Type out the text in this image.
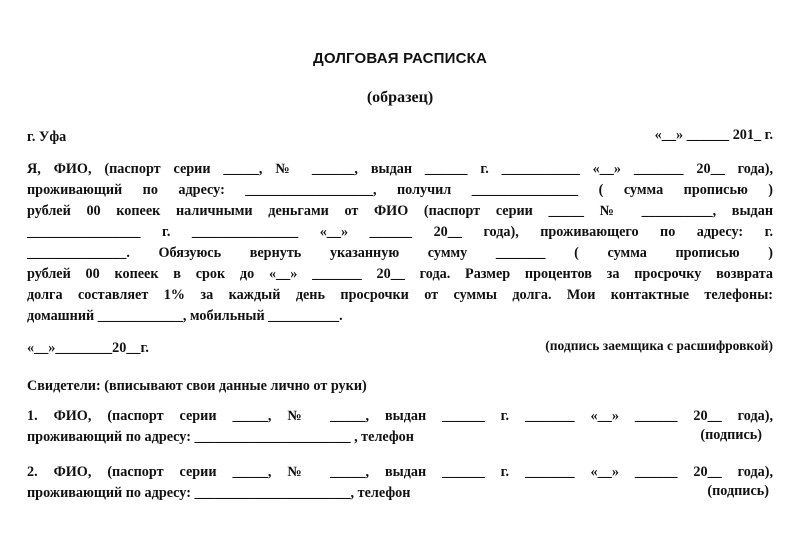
ДОЛГОВАЯ РАСПИСКА
(образец)
г. Уфа	«__» ______ 201_ г.
Я, ФИО, (паспорт серии _____, № ______, выдан ______ г. ___________ «__» _______ 20__ года),
проживающий по адресу: __________________, получил _______________ ( сумма прописью )
рублей 00 копеек наличными деньгами от ФИО (паспорт серии _____ № __________, выдан
________________ г. _______________ «__» ______ 20__ года), проживающего по адресу: г.
______________. Обязуюсь вернуть указанную сумму _______ ( сумма прописью )
рублей 00 копеек в срок до «__» _______ 20__ года. Размер процентов за просрочку возврата
долга составляет 1% за каждый день просрочки от суммы долга. Мои контактные телефоны:
домашний ____________, мобильный __________.
«__»________20__г.	(подпись заемщика с расшифровкой)
Свидетели: (вписывают свои данные лично от руки)
1. ФИО, (паспорт серии _____, № _____, выдан ______ г. _______ «__» ______ 20__ года),
проживающий по адресу: ______________________ , телефон	(подпись)
2. ФИО, (паспорт серии _____, № _____, выдан ______ г. _______ «__» ______ 20__ года),
проживающий по адресу: ______________________, телефон	(подпись)
